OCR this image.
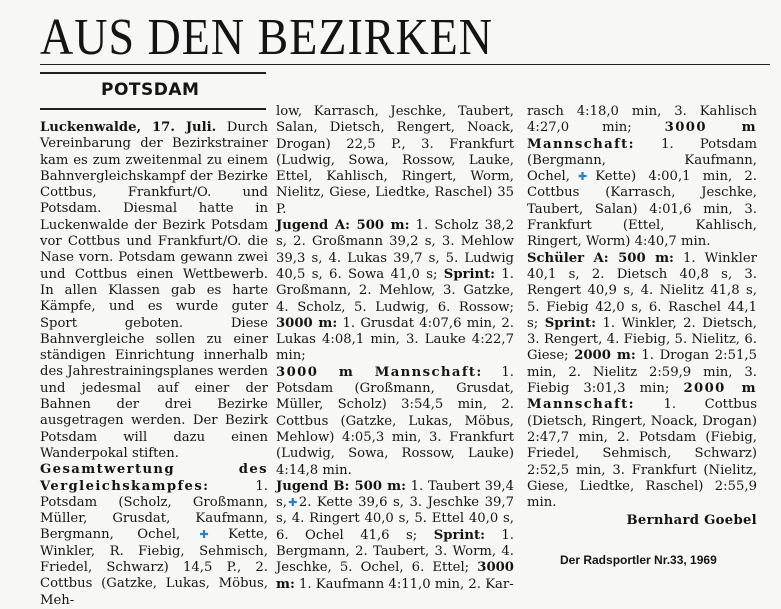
AUS DEN BEZIRKEN
POTSDAM

Luckenwalde, 17. Juli. Durch Vereinbarung der Bezirkstrainer kam es zum zweitenmal zu einem Bahnvergleichskampf der Bezirke Cottbus, Frankfurt/O. und Potsdam. Diesmal hatte in Luckenwalde der Bezirk Potsdam vor Cottbus und Frankfurt/O. die Nase vorn. Potsdam gewann zwei und Cottbus einen Wettbewerb. In allen Klassen gab es harte Kämpfe, und es wurde guter Sport geboten. Diese Bahnvergleiche sollen zu einer ständigen Einrichtung innerhalb des Jahrestrainingsplanes werden und jedesmal auf einer der Bahnen der drei Bezirke ausgetragen werden. Der Bezirk Potsdam will dazu einen Wanderpokal stiften.

Gesamtwertung des Vergleichskampfes: 1. Potsdam (Scholz, Großmann, Müller, Grusdat, Kaufmann, Bergmann, Ochel,✚Kette, Winkler, R. Fiebig, Sehmisch, Friedel, Schwarz) 14,5 P., 2. Cottbus (Gatzke, Lukas, Möbus, Meh-

low, Karrasch, Jeschke, Taubert, Salan, Dietsch, Rengert, Noack, Drogan) 22,5 P., 3. Frankfurt (Ludwig, Sowa, Rossow, Lauke, Ettel, Kahlisch, Ringert, Worm, Nielitz, Giese, Liedtke, Raschel) 35 P.

Jugend A: 500 m: 1. Scholz 38,2 s, 2. Großmann 39,2 s, 3. Mehlow 39,3 s, 4. Lukas 39,7 s, 5. Ludwig 40,5 s, 6. Sowa 41,0 s; Sprint: 1. Großmann, 2. Mehlow, 3. Gatzke, 4. Scholz, 5. Ludwig, 6. Rossow; 3000 m: 1. Grusdat 4:07,6 min, 2. Lukas 4:08,1 min, 3. Lauke 4:22,7 min;

3000 m Mannschaft: 1. Potsdam (Großmann, Grusdat, Müller, Scholz) 3:54,5 min, 2. Cottbus (Gatzke, Lukas, Möbus, Mehlow) 4:05,3 min, 3. Frankfurt (Ludwig, Sowa, Rossow, Lauke) 4:14,8 min.

Jugend B: 500 m: 1. Taubert 39,4 s,✚2. Kette 39,6 s, 3. Jeschke 39,7 s, 4. Ringert 40,0 s, 5. Ettel 40,0 s, 6. Ochel 41,6 s; Sprint: 1. Bergmann, 2. Taubert, 3. Worm, 4. Jeschke, 5. Ochel, 6. Ettel; 3000 m: 1. Kaufmann 4:11,0 min, 2. Kar-

rasch 4:18,0 min, 3. Kahlisch 4:27,0 min; 3000 m Mannschaft: 1. Potsdam (Bergmann, Kaufmann, Ochel,✚Kette) 4:00,1 min, 2. Cottbus (Karrasch, Jeschke, Taubert, Salan) 4:01,6 min, 3. Frankfurt (Ettel, Kahlisch, Ringert, Worm) 4:40,7 min.

Schüler A: 500 m: 1. Winkler 40,1 s, 2. Dietsch 40,8 s, 3. Rengert 40,9 s, 4. Nielitz 41,8 s, 5. Fiebig 42,0 s, 6. Raschel 44,1 s; Sprint: 1. Winkler, 2. Dietsch, 3. Rengert, 4. Fiebig, 5. Nielitz, 6. Giese; 2000 m: 1. Drogan 2:51,5 min, 2. Nielitz 2:59,9 min, 3. Fiebig 3:01,3 min; 2000 m Mannschaft: 1. Cottbus (Dietsch, Ringert, Noack, Drogan) 2:47,7 min, 2. Potsdam (Fiebig, Friedel, Sehmisch, Schwarz) 2:52,5 min, 3. Frankfurt (Nielitz, Giese, Liedtke, Raschel) 2:55,9 min.

Bernhard Goebel

Der Radsportler Nr.33, 1969
